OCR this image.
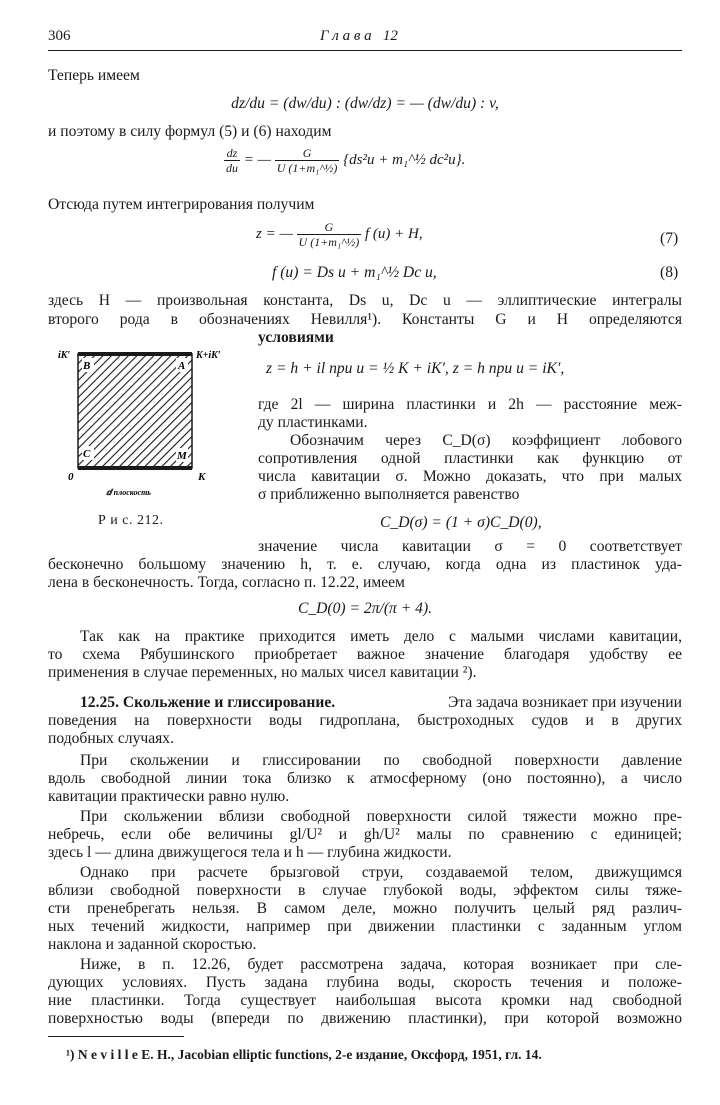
306	Г л а в а   12
Теперь имеем
dz/du = (dw/du) : (dw/dz) = — (dw/du) : v,
и поэтому в силу формул (5) и (6) находим
$\frac{dz}{du}$ = — $\frac{G}{\text{U (1+m₁\textasciicircum{}½)}} \{ds^2u$ + m₁^½ dc²u}.
Отсюда путем интегрирования получим
z = — $\frac{G}{\text{U (1+m₁\textasciicircum{}½)}}$ f (u) + H,	(7)
f (u) = Ds u + m₁^½ Dc u,	(8)
здесь H — произвольная константа, Ds u, Dc u — эллиптические интегралы
второго рода в обозначениях Невилля¹). Константы G и H определяются
условиями
B	A
C	M
iK′	K+iK′
0	K
ⅆ плоскость
Р и с. 212.
z = h + il при u = ½ K + iK′, z = h при u = iK′,
где 2l — ширина пластинки и 2h — расстояние меж-
ду пластинками.
Обозначим через C_D(σ) коэффициент лобового
сопротивления одной пластинки как функцию от
числа кавитации σ. Можно доказать, что при малых
σ приближенно выполняется равенство
C_D(σ) = (1 + σ)C_D(0),
значение числа кавитации σ = 0 соответствует
бесконечно большому значению h, т. е. случаю, когда одна из пластинок уда-
лена в бесконечность. Тогда, согласно п. 12.22, имеем
C_D(0) = 2π/(π + 4).
Так как на практике приходится иметь дело с малыми числами кавитации,
то схема Рябушинского приобретает важное значение благодаря удобству ее
применения в случае переменных, но малых чисел кавитации ²).
12.25. Скольжение и глиссирование.	Эта задача возникает при изучении
поведения на поверхности воды гидроплана, быстроходных судов и в других
подобных случаях.
При скольжении и глиссировании по свободной поверхности давление
вдоль свободной линии тока близко к атмосферному (оно постоянно), а число
кавитации практически равно нулю.
При скольжении вблизи свободной поверхности силой тяжести можно пре-
небречь, если обе величины gl/U² и gh/U² малы по сравнению с единицей;
здесь l — длина движущегося тела и h — глубина жидкости.
Однако при расчете брызговой струи, создаваемой телом, движущимся
вблизи свободной поверхности в случае глубокой воды, эффектом силы тяже-
сти пренебрегать нельзя. В самом деле, можно получить целый ряд различ-
ных течений жидкости, например при движении пластинки с заданным углом
наклона и заданной скоростью.
Ниже, в п. 12.26, будет рассмотрена задача, которая возникает при сле-
дующих условиях. Пусть задана глубина воды, скорость течения и положе-
ние пластинки. Тогда существует наибольшая высота кромки над свободной
поверхностью воды (впереди по движению пластинки), при которой возможно
¹) N e v i l l e E. H., Jacobian elliptic functions, 2-е издание, Оксфорд, 1951, гл. 14.
